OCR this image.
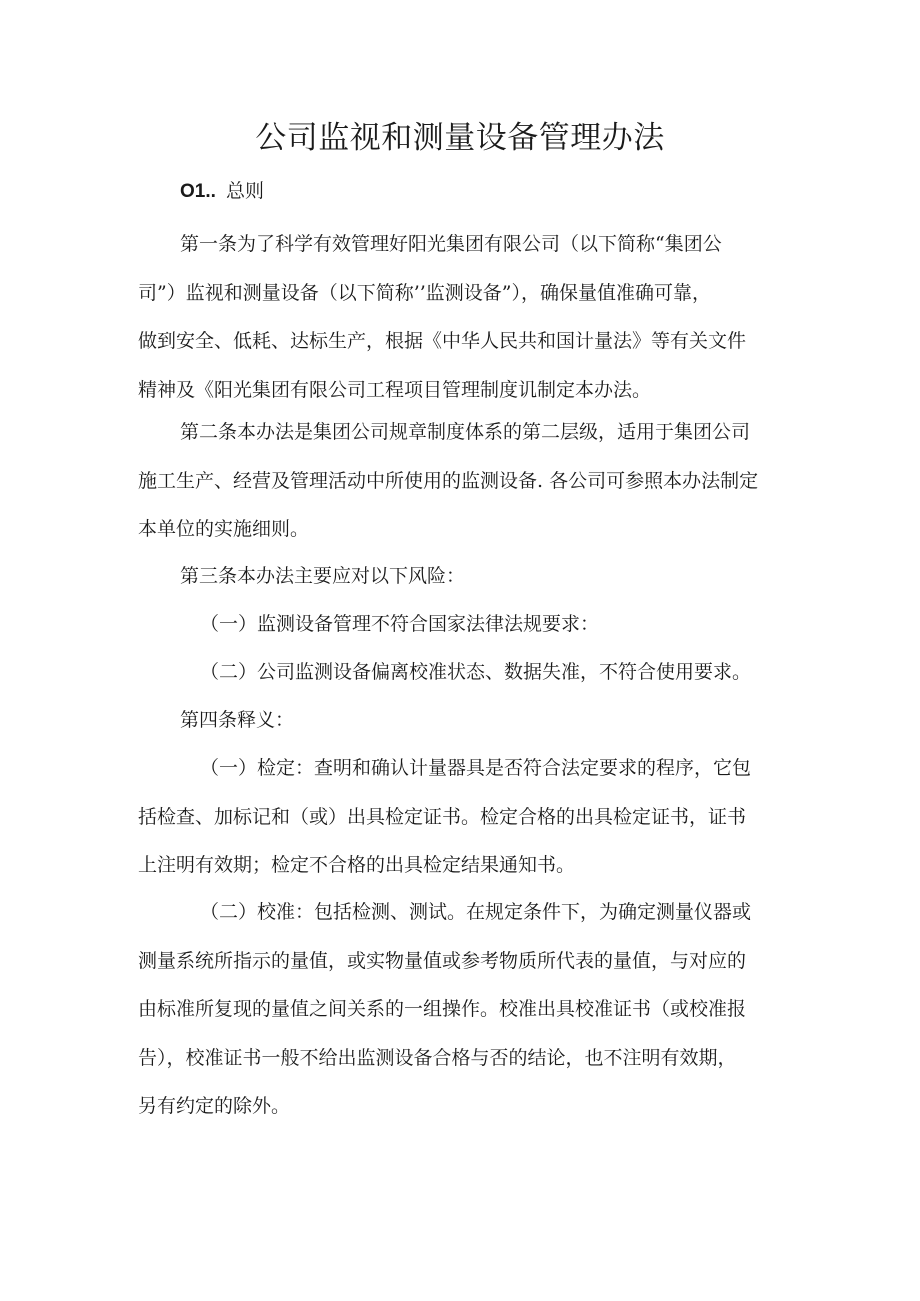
公司监视和测量设备管理办法
O1.. 总则
第一条为了科学有效管理好阳光集团有限公司（以下简称“集团公
司”）监视和测量设备（以下简称’’监测设备”），确保量值准确可靠，
做到安全、低耗、达标生产，根据《中华人民共和国计量法》等有关文件
精神及《阳光集团有限公司工程项目管理制度讥制定本办法。
第二条本办法是集团公司规章制度体系的第二层级，适用于集团公司
施工生产、经营及管理活动中所使用的监测设备. 各公司可参照本办法制定
本单位的实施细则。
第三条本办法主要应对以下风险：
（一）监测设备管理不符合国家法律法规要求：
（二）公司监测设备偏离校准状态、数据失准，不符合使用要求。
第四条释义：
（一）检定：查明和确认计量器具是否符合法定要求的程序，它包
括检查、加标记和（或）出具检定证书。检定合格的出具检定证书，证书
上注明有效期；检定不合格的出具检定结果通知书。
（二）校准：包括检测、测试。在规定条件下，为确定测量仪器或
测量系统所指示的量值，或实物量值或参考物质所代表的量值，与对应的
由标准所复现的量值之间关系的一组操作。校准出具校准证书（或校准报
告），校准证书一般不给出监测设备合格与否的结论，也不注明有效期，
另有约定的除外。
